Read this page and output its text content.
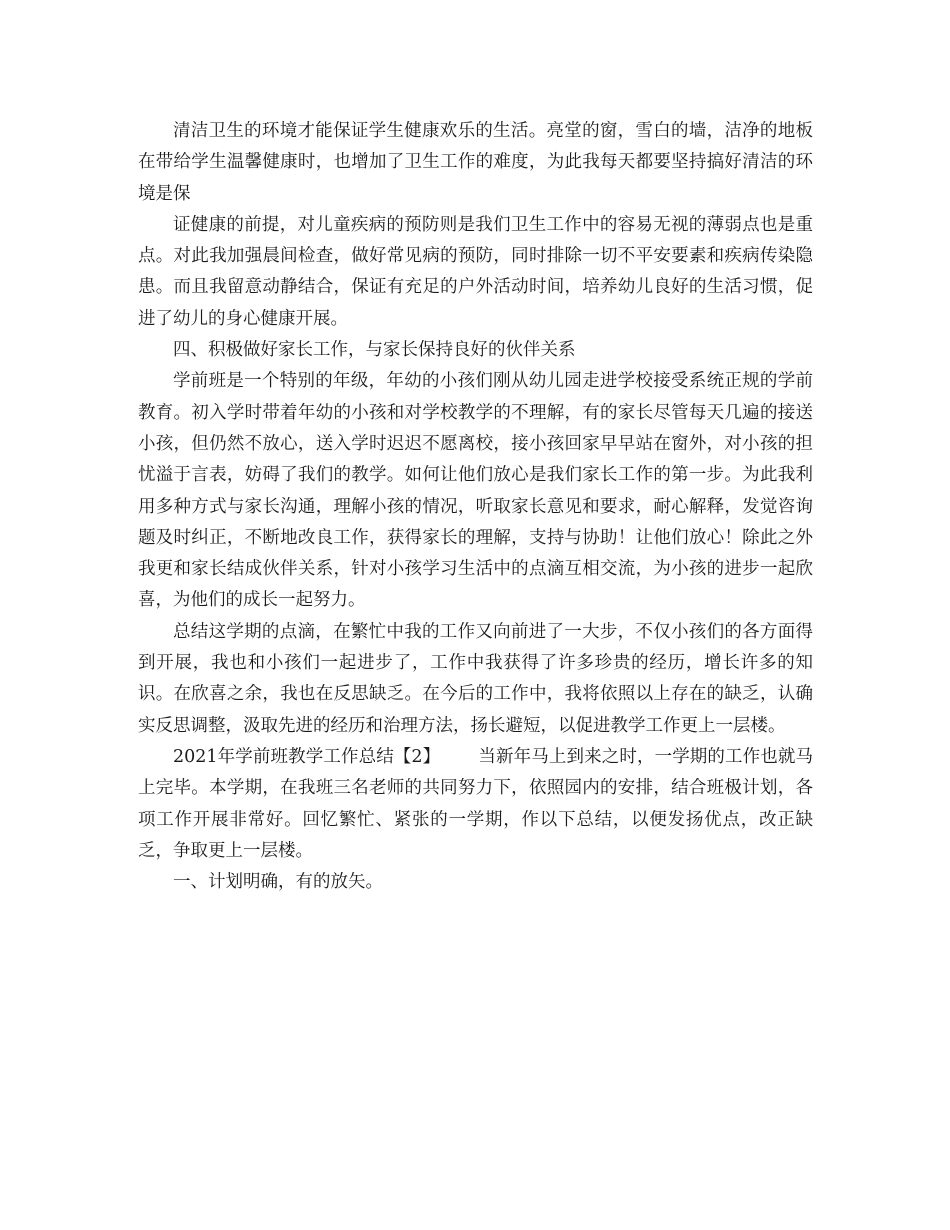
清洁卫生的环境才能保证学生健康欢乐的生活。亮堂的窗，雪白的墙，洁净的地板在带给学生温馨健康时，也增加了卫生工作的难度，为此我每天都要坚持搞好清洁的环境是保

证健康的前提，对儿童疾病的预防则是我们卫生工作中的容易无视的薄弱点也是重点。对此我加强晨间检查，做好常见病的预防，同时排除一切不平安要素和疾病传染隐患。而且我留意动静结合，保证有充足的户外活动时间，培养幼儿良好的生活习惯，促进了幼儿的身心健康开展。

四、积极做好家长工作，与家长保持良好的伙伴关系

学前班是一个特别的年级，年幼的小孩们刚从幼儿园走进学校接受系统正规的学前教育。初入学时带着年幼的小孩和对学校教学的不理解，有的家长尽管每天几遍的接送小孩，但仍然不放心，送入学时迟迟不愿离校，接小孩回家早早站在窗外，对小孩的担忧溢于言表，妨碍了我们的教学。如何让他们放心是我们家长工作的第一步。为此我利用多种方式与家长沟通，理解小孩的情况，听取家长意见和要求，耐心解释，发觉咨询题及时纠正，不断地改良工作，获得家长的理解，支持与协助！让他们放心！除此之外我更和家长结成伙伴关系，针对小孩学习生活中的点滴互相交流，为小孩的进步一起欣喜，为他们的成长一起努力。

总结这学期的点滴，在繁忙中我的工作又向前进了一大步，不仅小孩们的各方面得到开展，我也和小孩们一起进步了，工作中我获得了许多珍贵的经历，增长许多的知识。在欣喜之余，我也在反思缺乏。在今后的工作中，我将依照以上存在的缺乏，认确实反思调整，汲取先进的经历和治理方法，扬长避短，以促进教学工作更上一层楼。

2021年学前班教学工作总结【2】 当新年马上到来之时，一学期的工作也就马上完毕。本学期，在我班三名老师的共同努力下，依照园内的安排，结合班极计划，各项工作开展非常好。回忆繁忙、紧张的一学期，作以下总结，以便发扬优点，改正缺乏，争取更上一层楼。

一、计划明确，有的放矢。
